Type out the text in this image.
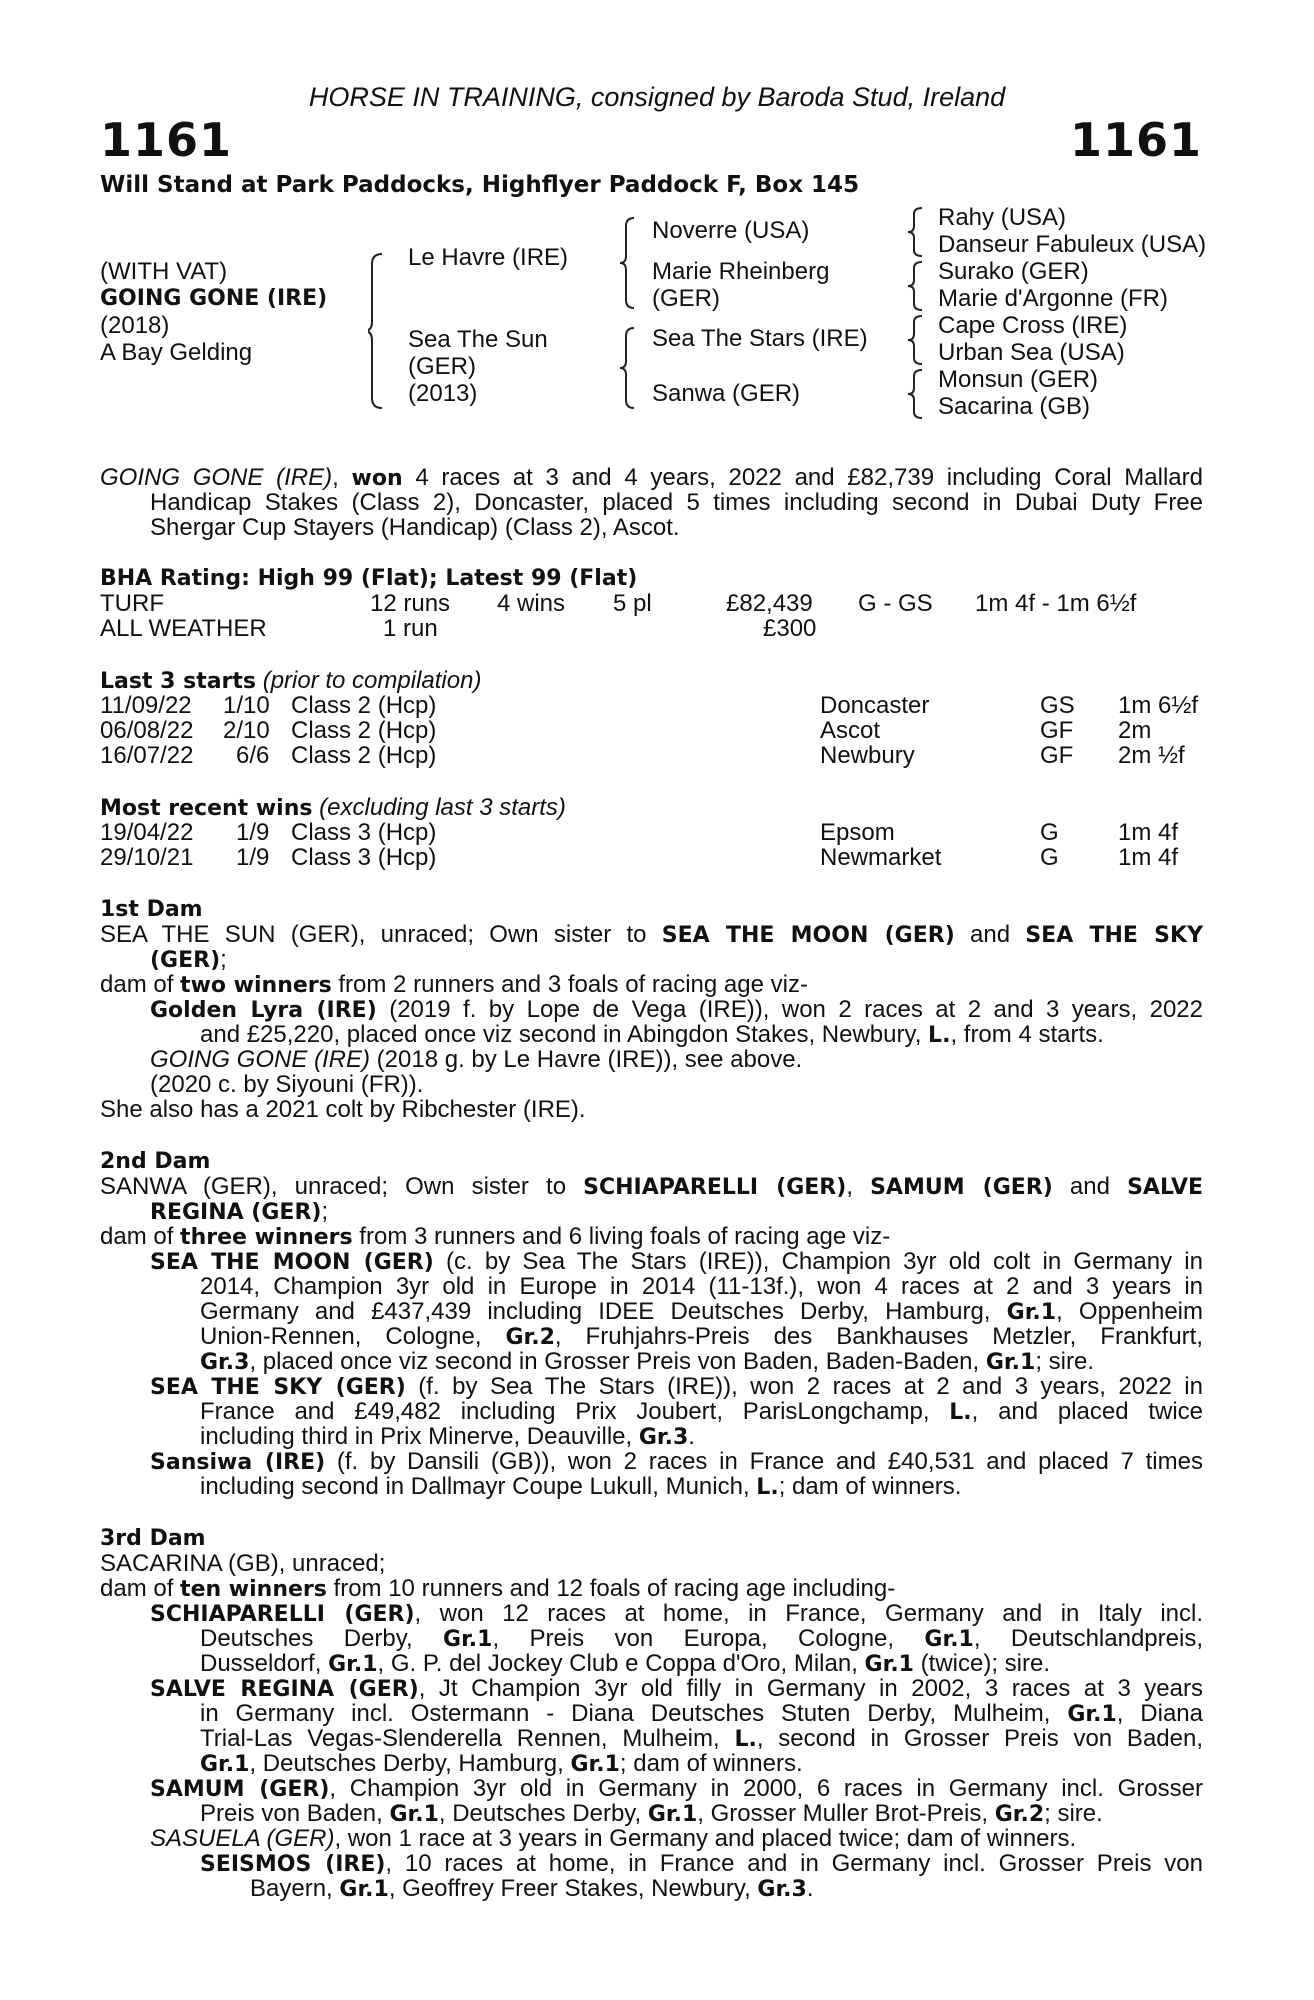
HORSE IN TRAINING, consigned by Baroda Stud, Ireland
1161	1161
Will Stand at Park Paddocks, Highflyer Paddock F, Box 145
(WITH VAT)
GOING GONE (IRE)
(2018)
A Bay Gelding
Le Havre (IRE)
Sea The Sun
(GER)
(2013)
Noverre (USA)
Marie Rheinberg
(GER)
Sea The Stars (IRE)
Sanwa (GER)
Rahy (USA)
Danseur Fabuleux (USA)
Surako (GER)
Marie d'Argonne (FR)
Cape Cross (IRE)
Urban Sea (USA)
Monsun (GER)
Sacarina (GB)
GOING GONE (IRE), won 4 races at 3 and 4 years, 2022 and £82,739 including Coral Mallard
Handicap Stakes (Class 2), Doncaster, placed 5 times including second in Dubai Duty Free
Shergar Cup Stayers (Handicap) (Class 2), Ascot.
BHA Rating: High 99 (Flat); Latest 99 (Flat)
TURF	12 runs 4 wins 5 pl	£82,439 G - GS 1m 4f - 1m 6½f
ALL WEATHER	1 run	£300
Last 3 starts (prior to compilation)
11/09/22 1/10 Class 2 (Hcp)	Doncaster	GS 1m 6½f
06/08/22 2/10 Class 2 (Hcp)	Ascot	GF 2m
16/07/22 6/6 Class 2 (Hcp)	Newbury	GF 2m ½f
Most recent wins (excluding last 3 starts)
19/04/22 1/9 Class 3 (Hcp)	Epsom	G 1m 4f
29/10/21 1/9 Class 3 (Hcp)	Newmarket	G 1m 4f
1st Dam
SEA THE SUN (GER), unraced; Own sister to SEA THE MOON (GER) and SEA THE SKY
(GER);
dam of two winners from 2 runners and 3 foals of racing age viz-
Golden Lyra (IRE) (2019 f. by Lope de Vega (IRE)), won 2 races at 2 and 3 years, 2022
and £25,220, placed once viz second in Abingdon Stakes, Newbury, L., from 4 starts.
GOING GONE (IRE) (2018 g. by Le Havre (IRE)), see above.
(2020 c. by Siyouni (FR)).
She also has a 2021 colt by Ribchester (IRE).
2nd Dam
SANWA (GER), unraced; Own sister to SCHIAPARELLI (GER), SAMUM (GER) and SALVE
REGINA (GER);
dam of three winners from 3 runners and 6 living foals of racing age viz-
SEA THE MOON (GER) (c. by Sea The Stars (IRE)), Champion 3yr old colt in Germany in
2014, Champion 3yr old in Europe in 2014 (11-13f.), won 4 races at 2 and 3 years in
Germany and £437,439 including IDEE Deutsches Derby, Hamburg, Gr.1, Oppenheim
Union-Rennen, Cologne, Gr.2, Fruhjahrs-Preis des Bankhauses Metzler, Frankfurt,
Gr.3, placed once viz second in Grosser Preis von Baden, Baden-Baden, Gr.1; sire.
SEA THE SKY (GER) (f. by Sea The Stars (IRE)), won 2 races at 2 and 3 years, 2022 in
France and £49,482 including Prix Joubert, ParisLongchamp, L., and placed twice
including third in Prix Minerve, Deauville, Gr.3.
Sansiwa (IRE) (f. by Dansili (GB)), won 2 races in France and £40,531 and placed 7 times
including second in Dallmayr Coupe Lukull, Munich, L.; dam of winners.
3rd Dam
SACARINA (GB), unraced;
dam of ten winners from 10 runners and 12 foals of racing age including-
SCHIAPARELLI (GER), won 12 races at home, in France, Germany and in Italy incl.
Deutsches Derby, Gr.1, Preis von Europa, Cologne, Gr.1, Deutschlandpreis,
Dusseldorf, Gr.1, G. P. del Jockey Club e Coppa d'Oro, Milan, Gr.1 (twice); sire.
SALVE REGINA (GER), Jt Champion 3yr old filly in Germany in 2002, 3 races at 3 years
in Germany incl. Ostermann - Diana Deutsches Stuten Derby, Mulheim, Gr.1, Diana
Trial-Las Vegas-Slenderella Rennen, Mulheim, L., second in Grosser Preis von Baden,
Gr.1, Deutsches Derby, Hamburg, Gr.1; dam of winners.
SAMUM (GER), Champion 3yr old in Germany in 2000, 6 races in Germany incl. Grosser
Preis von Baden, Gr.1, Deutsches Derby, Gr.1, Grosser Muller Brot-Preis, Gr.2; sire.
SASUELA (GER), won 1 race at 3 years in Germany and placed twice; dam of winners.
SEISMOS (IRE), 10 races at home, in France and in Germany incl. Grosser Preis von
Bayern, Gr.1, Geoffrey Freer Stakes, Newbury, Gr.3.
